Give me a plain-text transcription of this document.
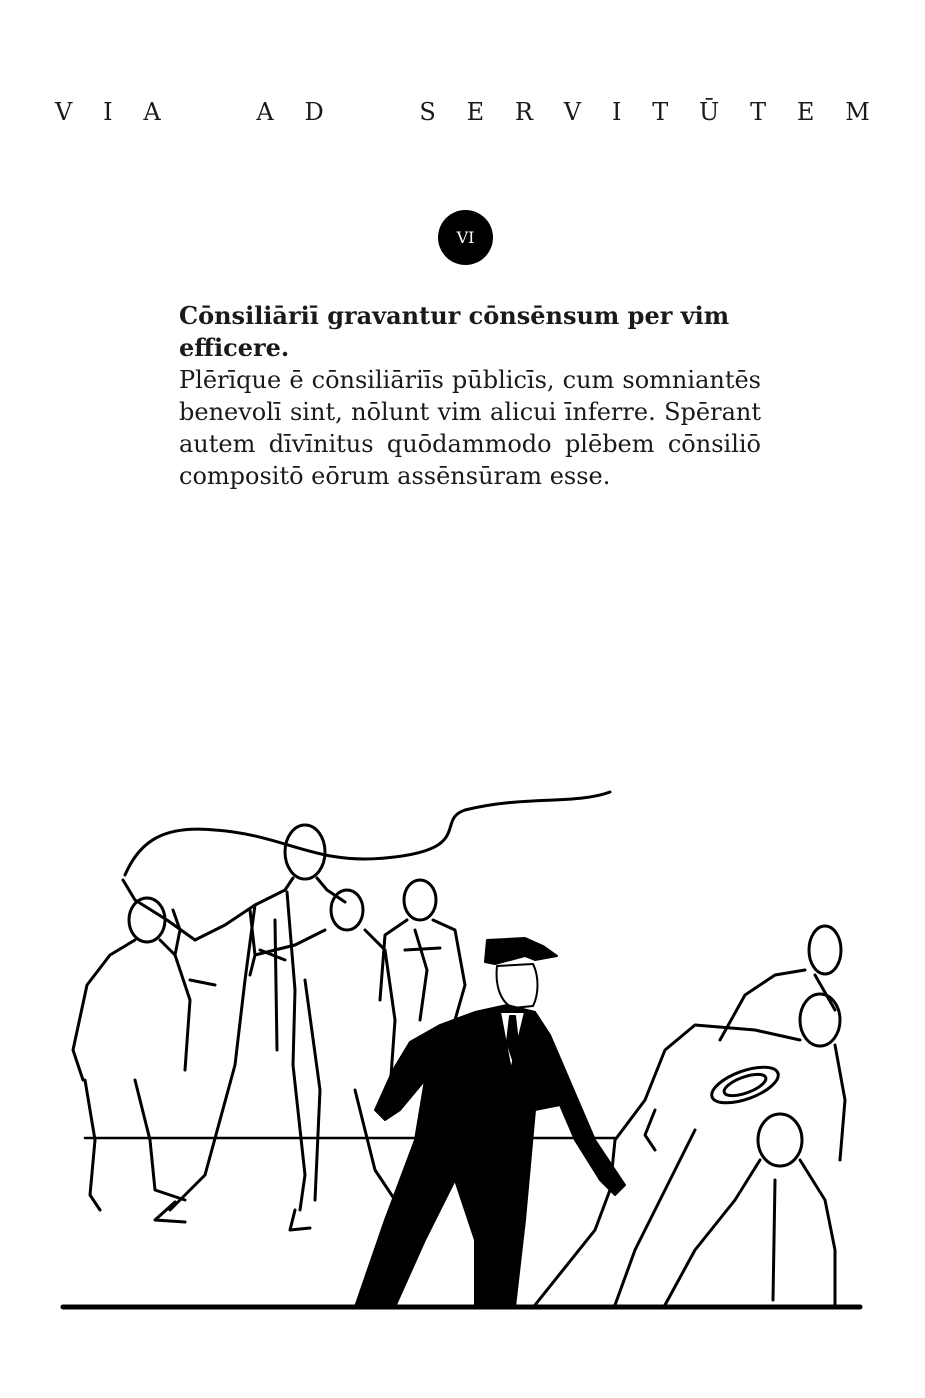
V I A	A D	S E R V I T Ū T E M
VI

Cōnsiliāriī gravantur cōnsēnsum per vim efficere.

Plērīque ē cōnsiliāriīs pūblicīs, cum somniantēs benevolī sint, nōlunt vim alicui īnferre. Spērant autem dīvīnitus quōdammodo plēbem cōnsiliō compositō eōrum assēnsūram esse.
